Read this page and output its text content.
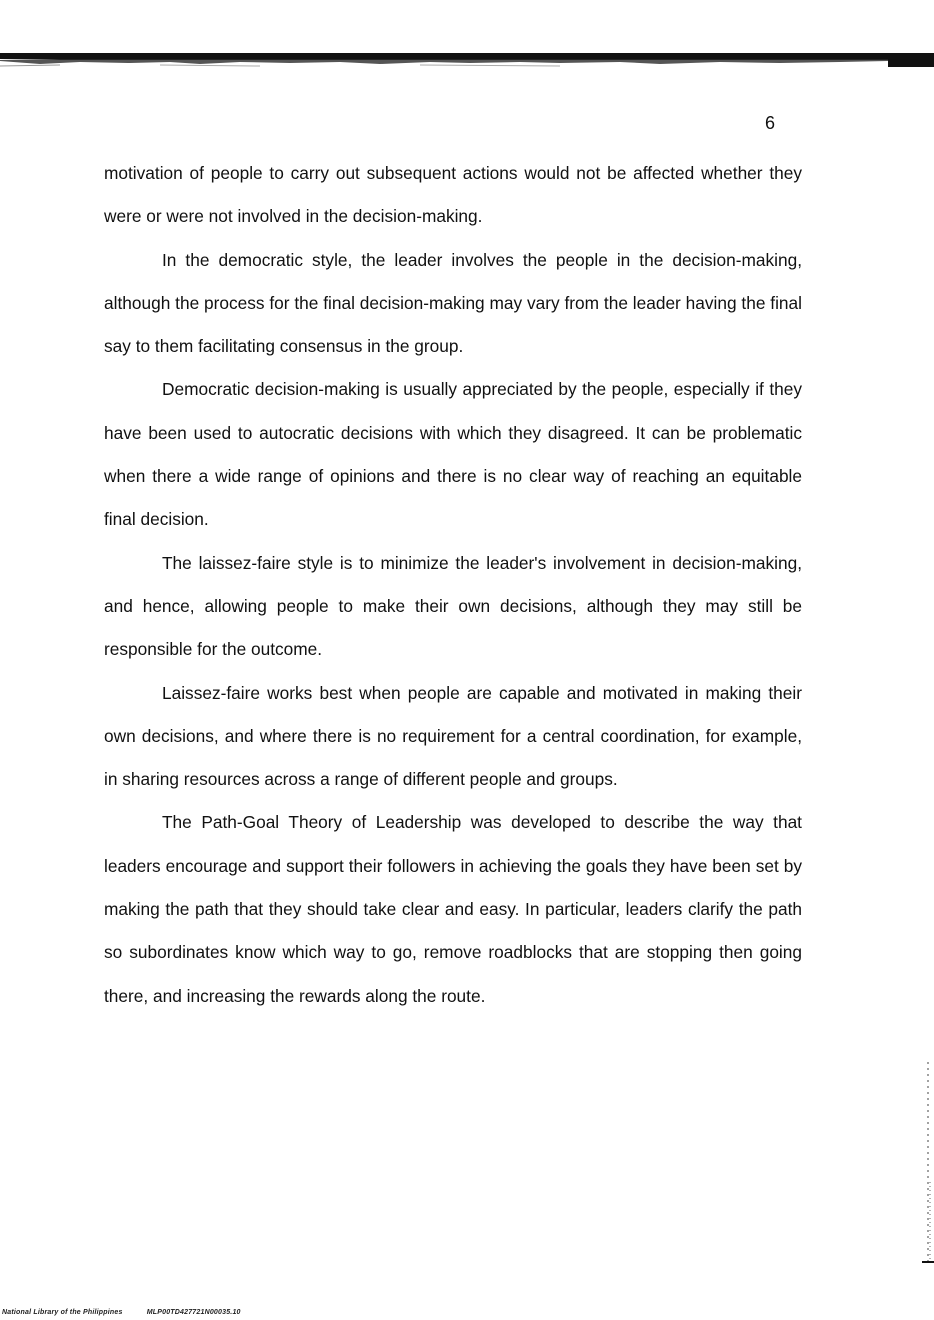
6

motivation of people to carry out subsequent actions would not be affected whether they were or were not involved in the decision-making.

In the democratic style, the leader involves the people in the decision-making, although the process for the final decision-making may vary from the leader having the final say to them facilitating consensus in the group.

Democratic decision-making is usually appreciated by the people, especially if they have been used to autocratic decisions with which they disagreed. It can be problematic when there a wide range of opinions and there is no clear way of reaching an equitable final decision.

The laissez-faire style is to minimize the leader's involvement in decision-making, and hence, allowing people to make their own decisions, although they may still be responsible for the outcome.

Laissez-faire works best when people are capable and motivated in making their own decisions, and where there is no requirement for a central coordination, for example, in sharing resources across a range of different people and groups.

The Path-Goal Theory of Leadership was developed to describe the way that leaders encourage and support their followers in achieving the goals they have been set by making the path that they should take clear and easy. In particular, leaders clarify the path so subordinates know which way to go, remove roadblocks that are stopping then going there, and increasing the rewards along the route.

National Library of the Philippines	MLP00TD427721N00035.10
